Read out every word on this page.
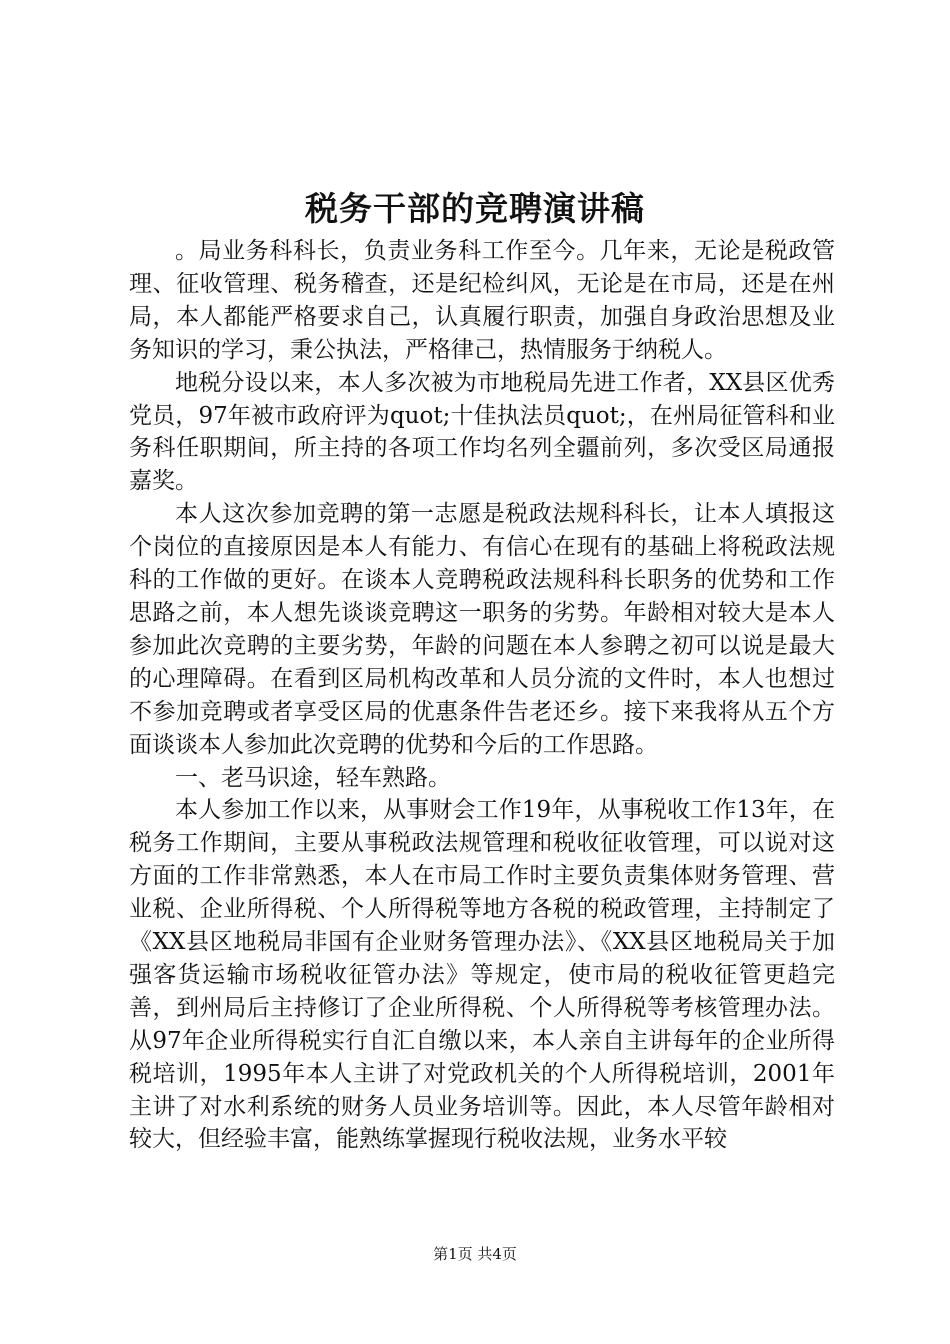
税务干部的竞聘演讲稿

。局业务科科长，负责业务科工作至今。几年来，无论是税政管理、征收管理、税务稽查，还是纪检纠风，无论是在市局，还是在州局，本人都能严格要求自己，认真履行职责，加强自身政治思想及业务知识的学习，秉公执法，严格律己，热情服务于纳税人。

地税分设以来，本人多次被为市地税局先进工作者，XX县区优秀党员，97年被市政府评为quot;十佳执法员quot;，在州局征管科和业务科任职期间，所主持的各项工作均名列全疆前列，多次受区局通报嘉奖。

本人这次参加竞聘的第一志愿是税政法规科科长，让本人填报这个岗位的直接原因是本人有能力、有信心在现有的基础上将税政法规科的工作做的更好。在谈本人竞聘税政法规科科长职务的优势和工作思路之前，本人想先谈谈竞聘这一职务的劣势。年龄相对较大是本人参加此次竞聘的主要劣势，年龄的问题在本人参聘之初可以说是最大的心理障碍。在看到区局机构改革和人员分流的文件时，本人也想过不参加竞聘或者享受区局的优惠条件告老还乡。接下来我将从五个方面谈谈本人参加此次竞聘的优势和今后的工作思路。

一、老马识途，轻车熟路。

本人参加工作以来，从事财会工作19年，从事税收工作13年，在税务工作期间，主要从事税政法规管理和税收征收管理，可以说对这方面的工作非常熟悉，本人在市局工作时主要负责集体财务管理、营业税、企业所得税、个人所得税等地方各税的税政管理，主持制定了《XX县区地税局非国有企业财务管理办法》、《XX县区地税局关于加强客货运输市场税收征管办法》等规定，使市局的税收征管更趋完善，到州局后主持修订了企业所得税、个人所得税等考核管理办法。从97年企业所得税实行自汇自缴以来，本人亲自主讲每年的企业所得税培训，1995年本人主讲了对党政机关的个人所得税培训，2001年主讲了对水利系统的财务人员业务培训等。因此，本人尽管年龄相对较大，但经验丰富，能熟练掌握现行税收法规，业务水平较

第1页 共4页
